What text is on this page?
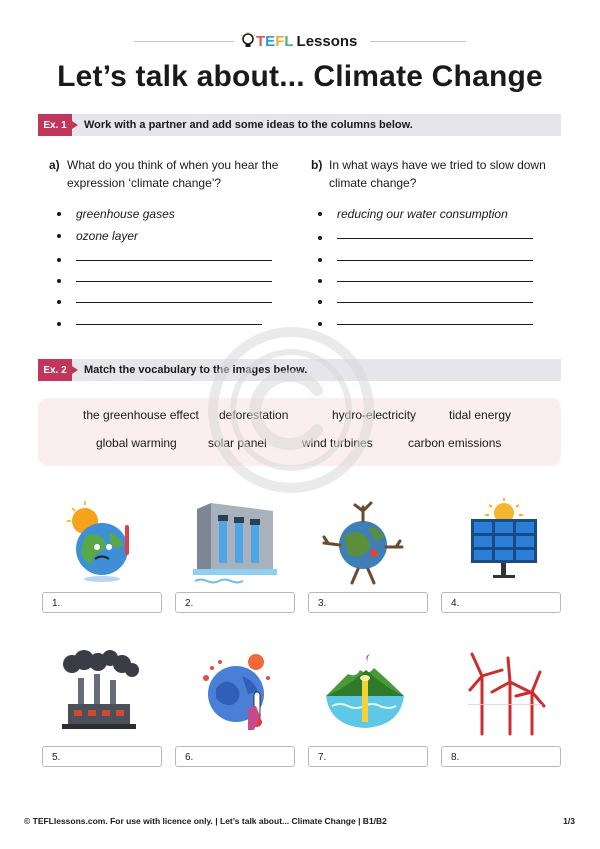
T E F L Lessons
Let’s talk about... Climate Change
Ex. 1	Work with a partner and add some ideas to the columns below.
a) What do you think of when you hear the expression ‘climate change’?
b) In what ways have we tried to slow down climate change?
greenhouse gases
ozone layer
reducing our water consumption
Ex. 2	Match the vocabulary to the images below.
the greenhouse effect deforestation	hydro-electricity	tidal energy
global warming	solar panel	wind turbines	carbon emissions
1.	2.	3.	4.
5.	6.	7.	8.
© TEFLlessons.com. For use with licence only. | Let’s talk about... Climate Change | B1/B2	1/3
